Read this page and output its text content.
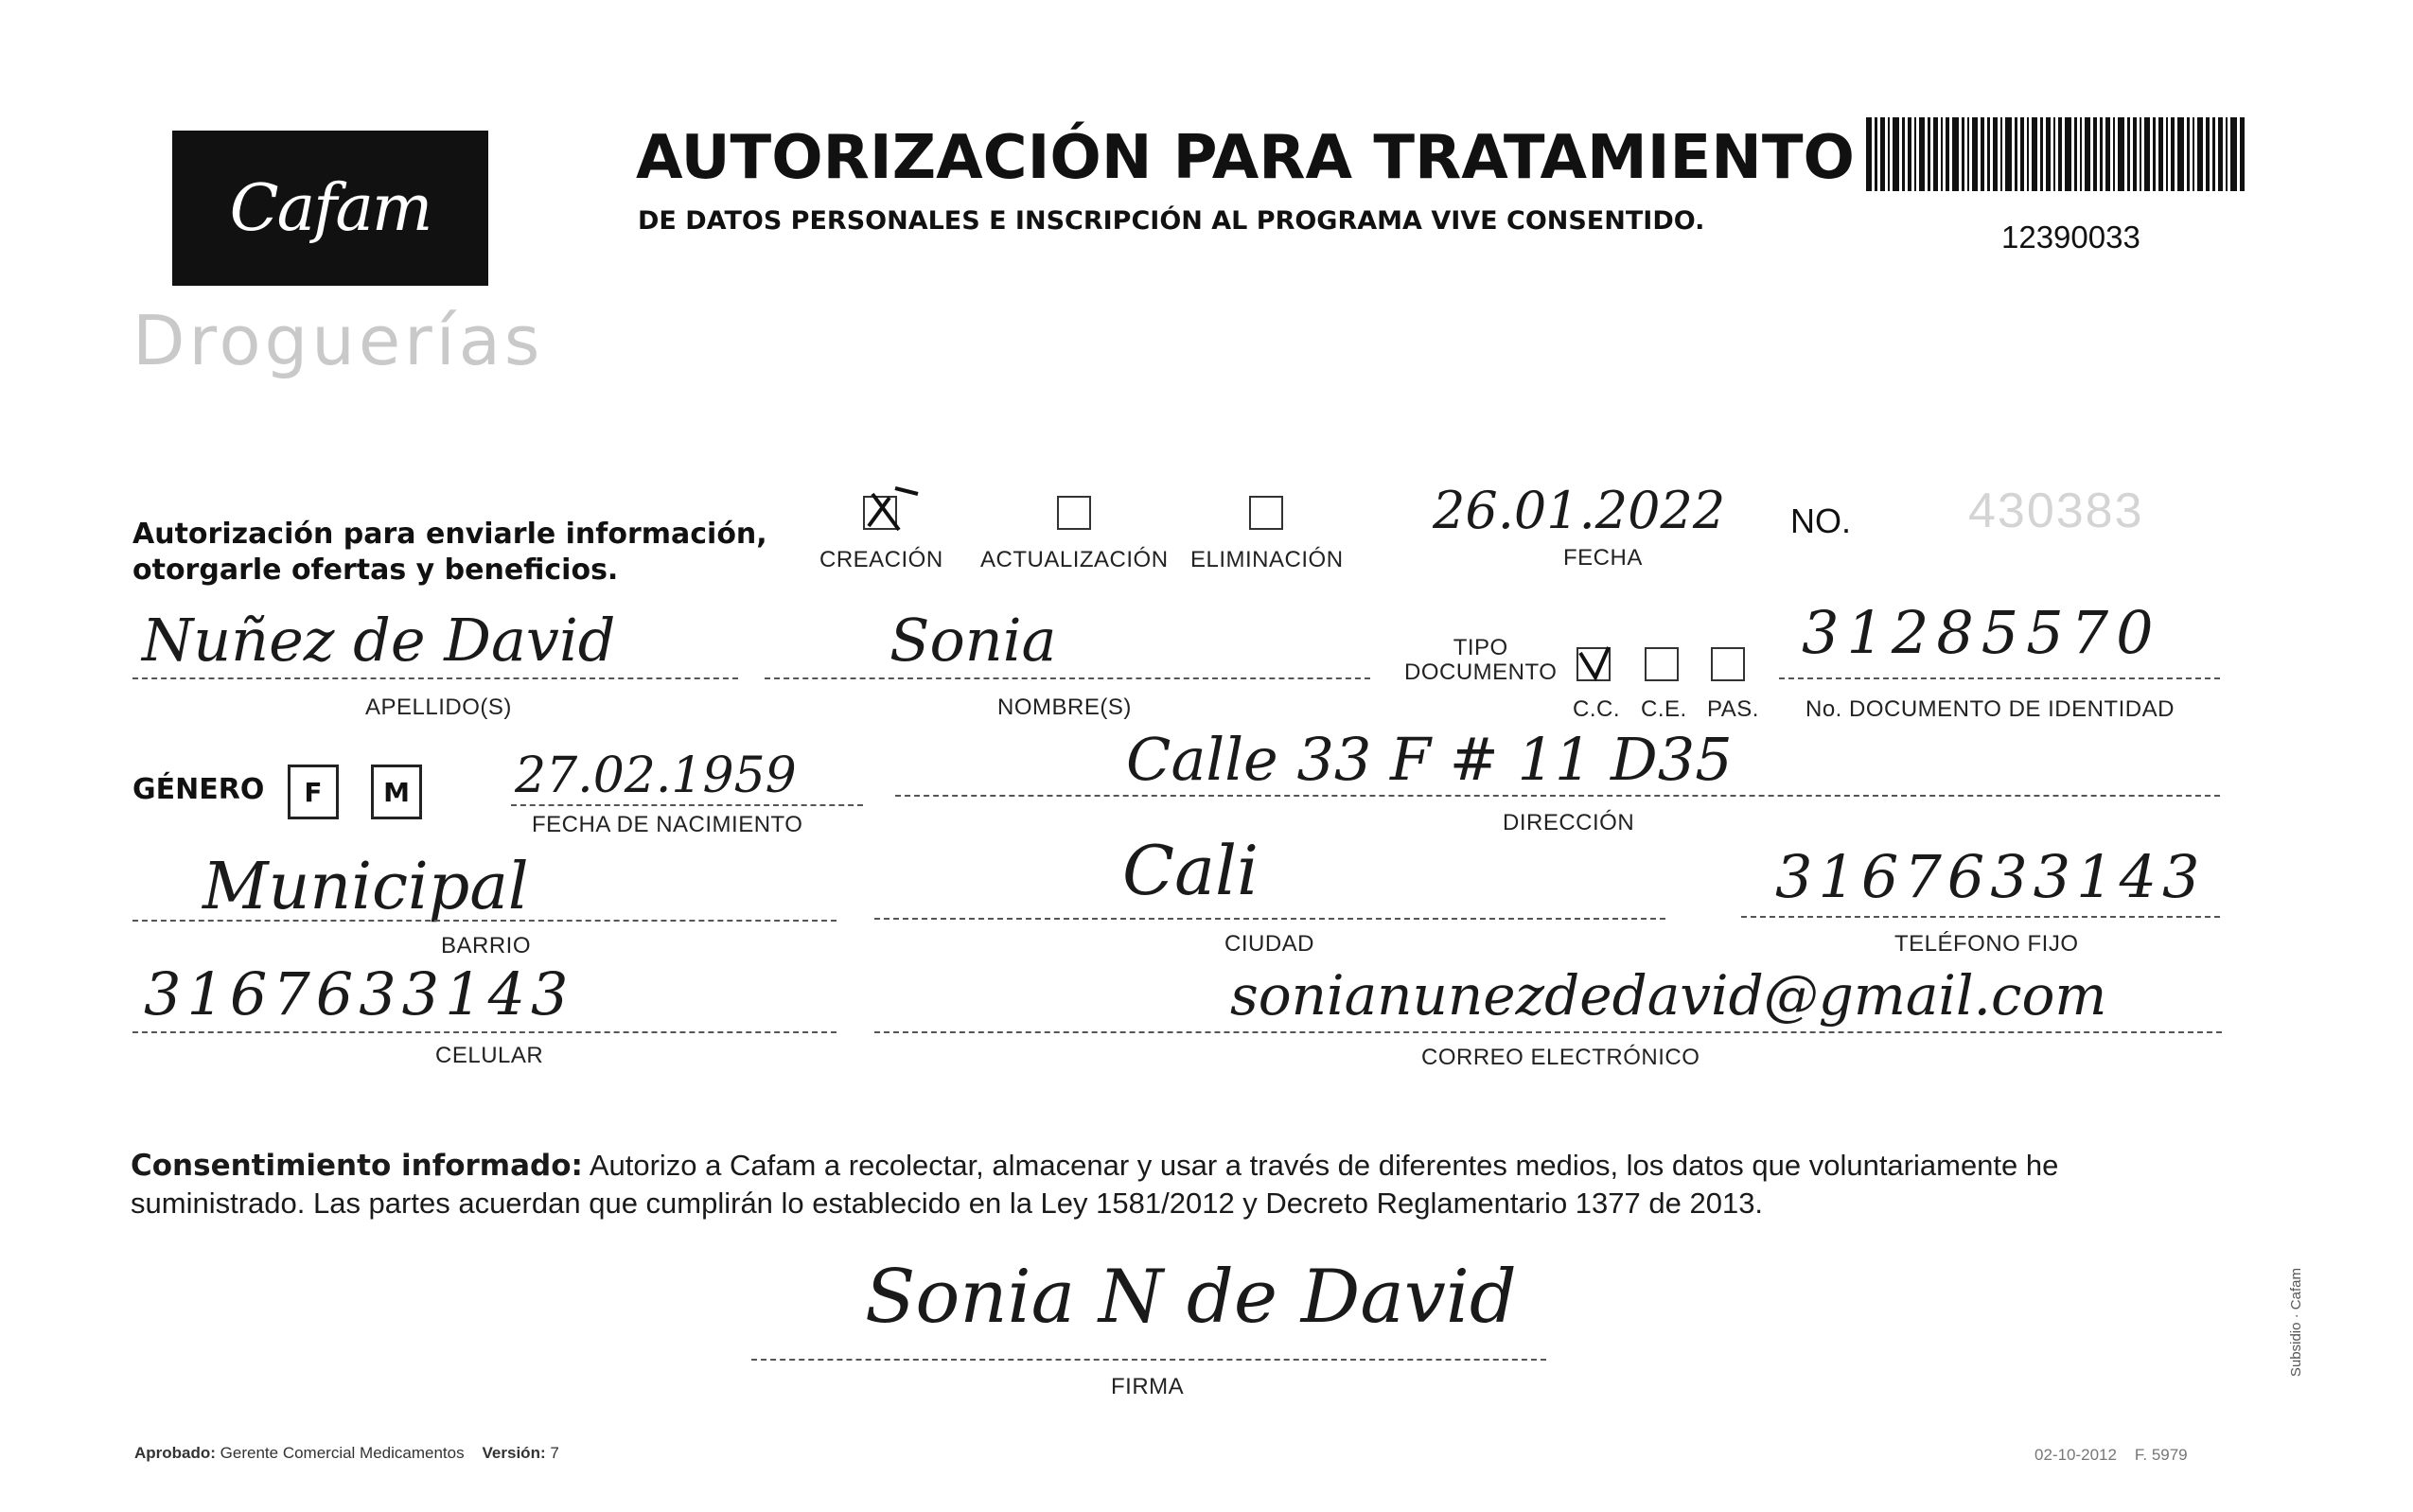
Cafam
Droguerías
AUTORIZACIÓN PARA TRATAMIENTO
DE DATOS PERSONALES E INSCRIPCIÓN AL PROGRAMA VIVE CONSENTIDO.	12390033
Autorización para enviarle información,
otorgarle ofertas y beneficios.	CREACIÓN ACTUALIZACIÓN ELIMINACIÓN
26.01.2022
FECHA
NO. 430383
Nuñez de David
APELLIDO(S)
Sonia
NOMBRE(S)
TIPO
DOCUMENTO
C.C. C.E. PAS.
31285570
No. DOCUMENTO DE IDENTIDAD
GÉNERO F M 27.02.1959
FECHA DE NACIMIENTO
Calle 33 F # 11 D35
DIRECCIÓN
Municipal
BARRIO
Cali
CIUDAD
3167633143
TELÉFONO FIJO
3167633143
CELULAR
sonianunezdedavid@gmail.com
CORREO ELECTRÓNICO
Consentimiento informado: Autorizo a Cafam a recolectar, almacenar y usar a través de diferentes medios, los datos que voluntariamente he suministrado. Las partes acuerdan que cumplirán lo establecido en la Ley 1581/2012 y Decreto Reglamentario 1377 de 2013.
Sonia N de David
FIRMA
Aprobado: Gerente Comercial Medicamentos Versión: 7	02-10-2012 F. 5979
Subsidio · Cafam
